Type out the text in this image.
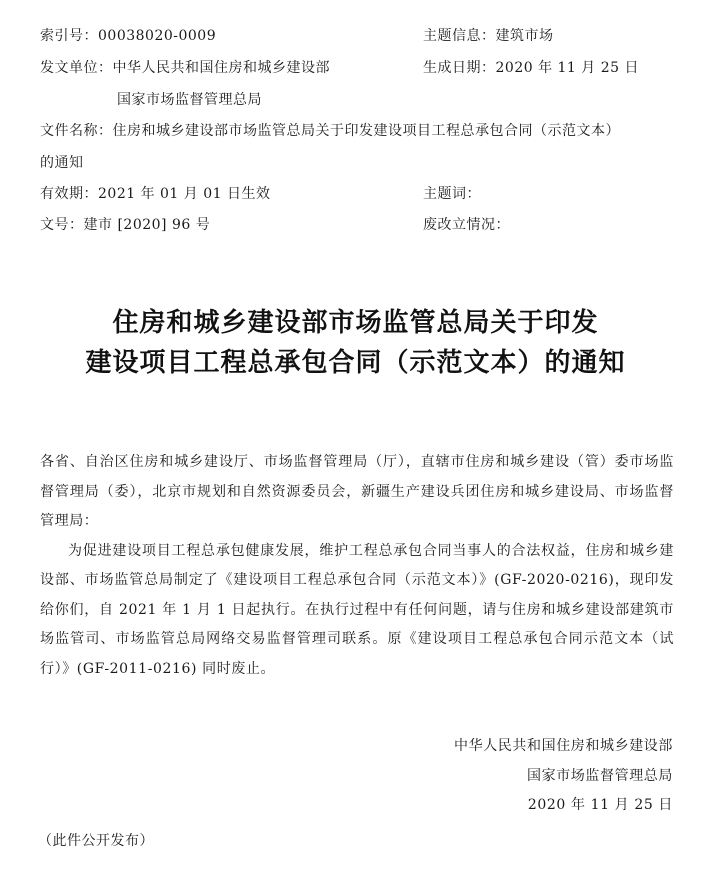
索引号：00038020-0009	主题信息：建筑市场
发文单位：中华人民共和国住房和城乡建设部	生成日期：2020 年 11 月 25 日
国家市场监督管理总局
文件名称：住房和城乡建设部市场监管总局关于印发建设项目工程总承包合同（示范文本）
的通知
有效期：2021 年 01 月 01 日生效	主题词：
文号：建市 [2020] 96 号	废改立情况：
住房和城乡建设部市场监管总局关于印发
建设项目工程总承包合同（示范文本）的通知

各省、自治区住房和城乡建设厅、市场监督管理局（厅），直辖市住房和城乡建设（管）委市场监督管理局（委），北京市规划和自然资源委员会，新疆生产建设兵团住房和城乡建设局、市场监督管理局：

为促进建设项目工程总承包健康发展，维护工程总承包合同当事人的合法权益，住房和城乡建设部、市场监管总局制定了《建设项目工程总承包合同（示范文本）》(GF-2020-0216)，现印发给你们，自 2021 年 1 月 1 日起执行。在执行过程中有任何问题，请与住房和城乡建设部建筑市场监管司、市场监管总局网络交易监督管理司联系。原《建设项目工程总承包合同示范文本（试行）》(GF-2011-0216) 同时废止。

中华人民共和国住房和城乡建设部
国家市场监督管理总局
2020 年 11 月 25 日
（此件公开发布）
